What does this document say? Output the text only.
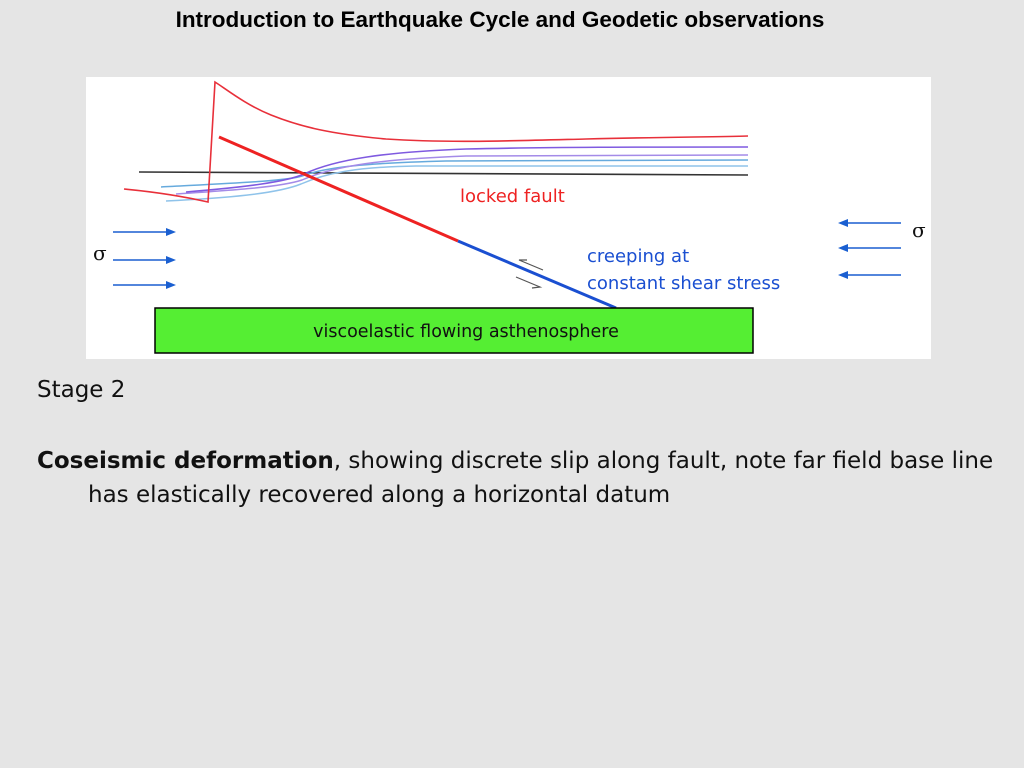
Introduction to Earthquake Cycle and Geodetic observations
viscoelastic flowing asthenosphere
locked fault
creeping at
constant shear stress
σ
σ
Stage 2

Coseismic deformation, showing discrete slip along fault, note far field base line has elastically recovered along a horizontal datum
